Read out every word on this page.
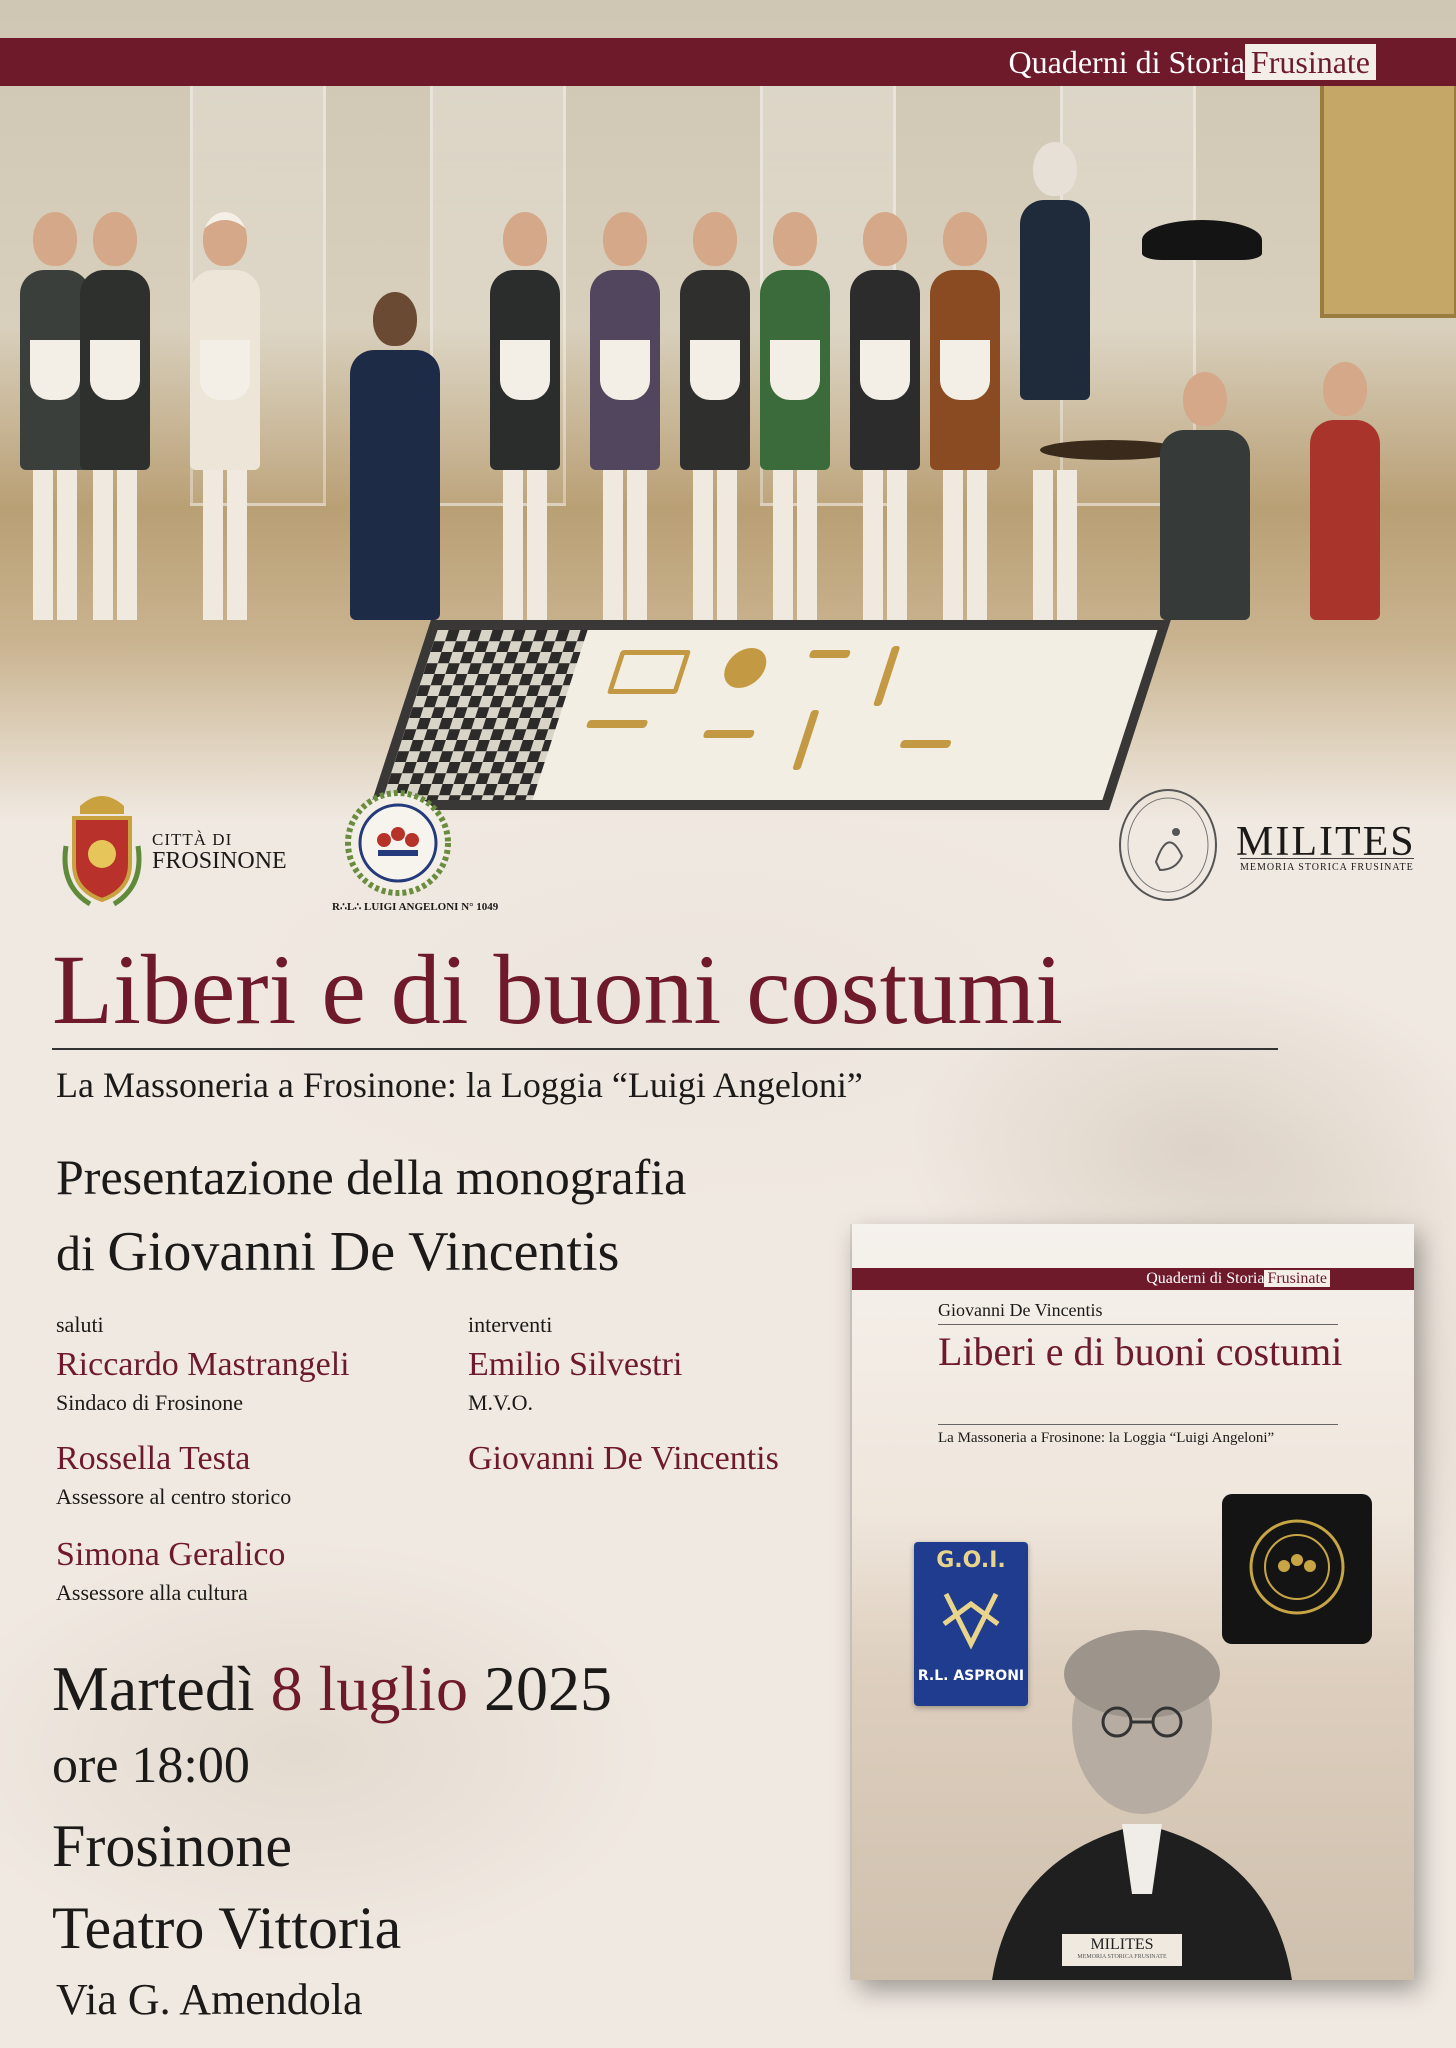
Quaderni di Storia Frusinate
CITTÀ DI
FROSINONE
R∴L∴ LUIGI ANGELONI N° 1049
MILITES
MEMORIA STORICA FRUSINATE
Liberi e di buoni costumi
La Massoneria a Frosinone: la Loggia “Luigi Angeloni”
Presentazione della monografia
di Giovanni De Vincentis
saluti
Riccardo Mastrangeli
Sindaco di Frosinone
Rossella Testa
Assessore al centro storico
Simona Geralico
Assessore alla cultura
interventi
Emilio Silvestri
M.V.O.
Giovanni De Vincentis
Martedì 8 luglio 2025
ore 18:00
Frosinone
Teatro Vittoria
Via G. Amendola
Quaderni di Storia Frusinate
Giovanni De Vincentis
Liberi e di buoni costumi
La Massoneria a Frosinone: la Loggia “Luigi Angeloni”
G.O.I.
R.L. ASPRONI
MILITES
MEMORIA STORICA FRUSINATE
